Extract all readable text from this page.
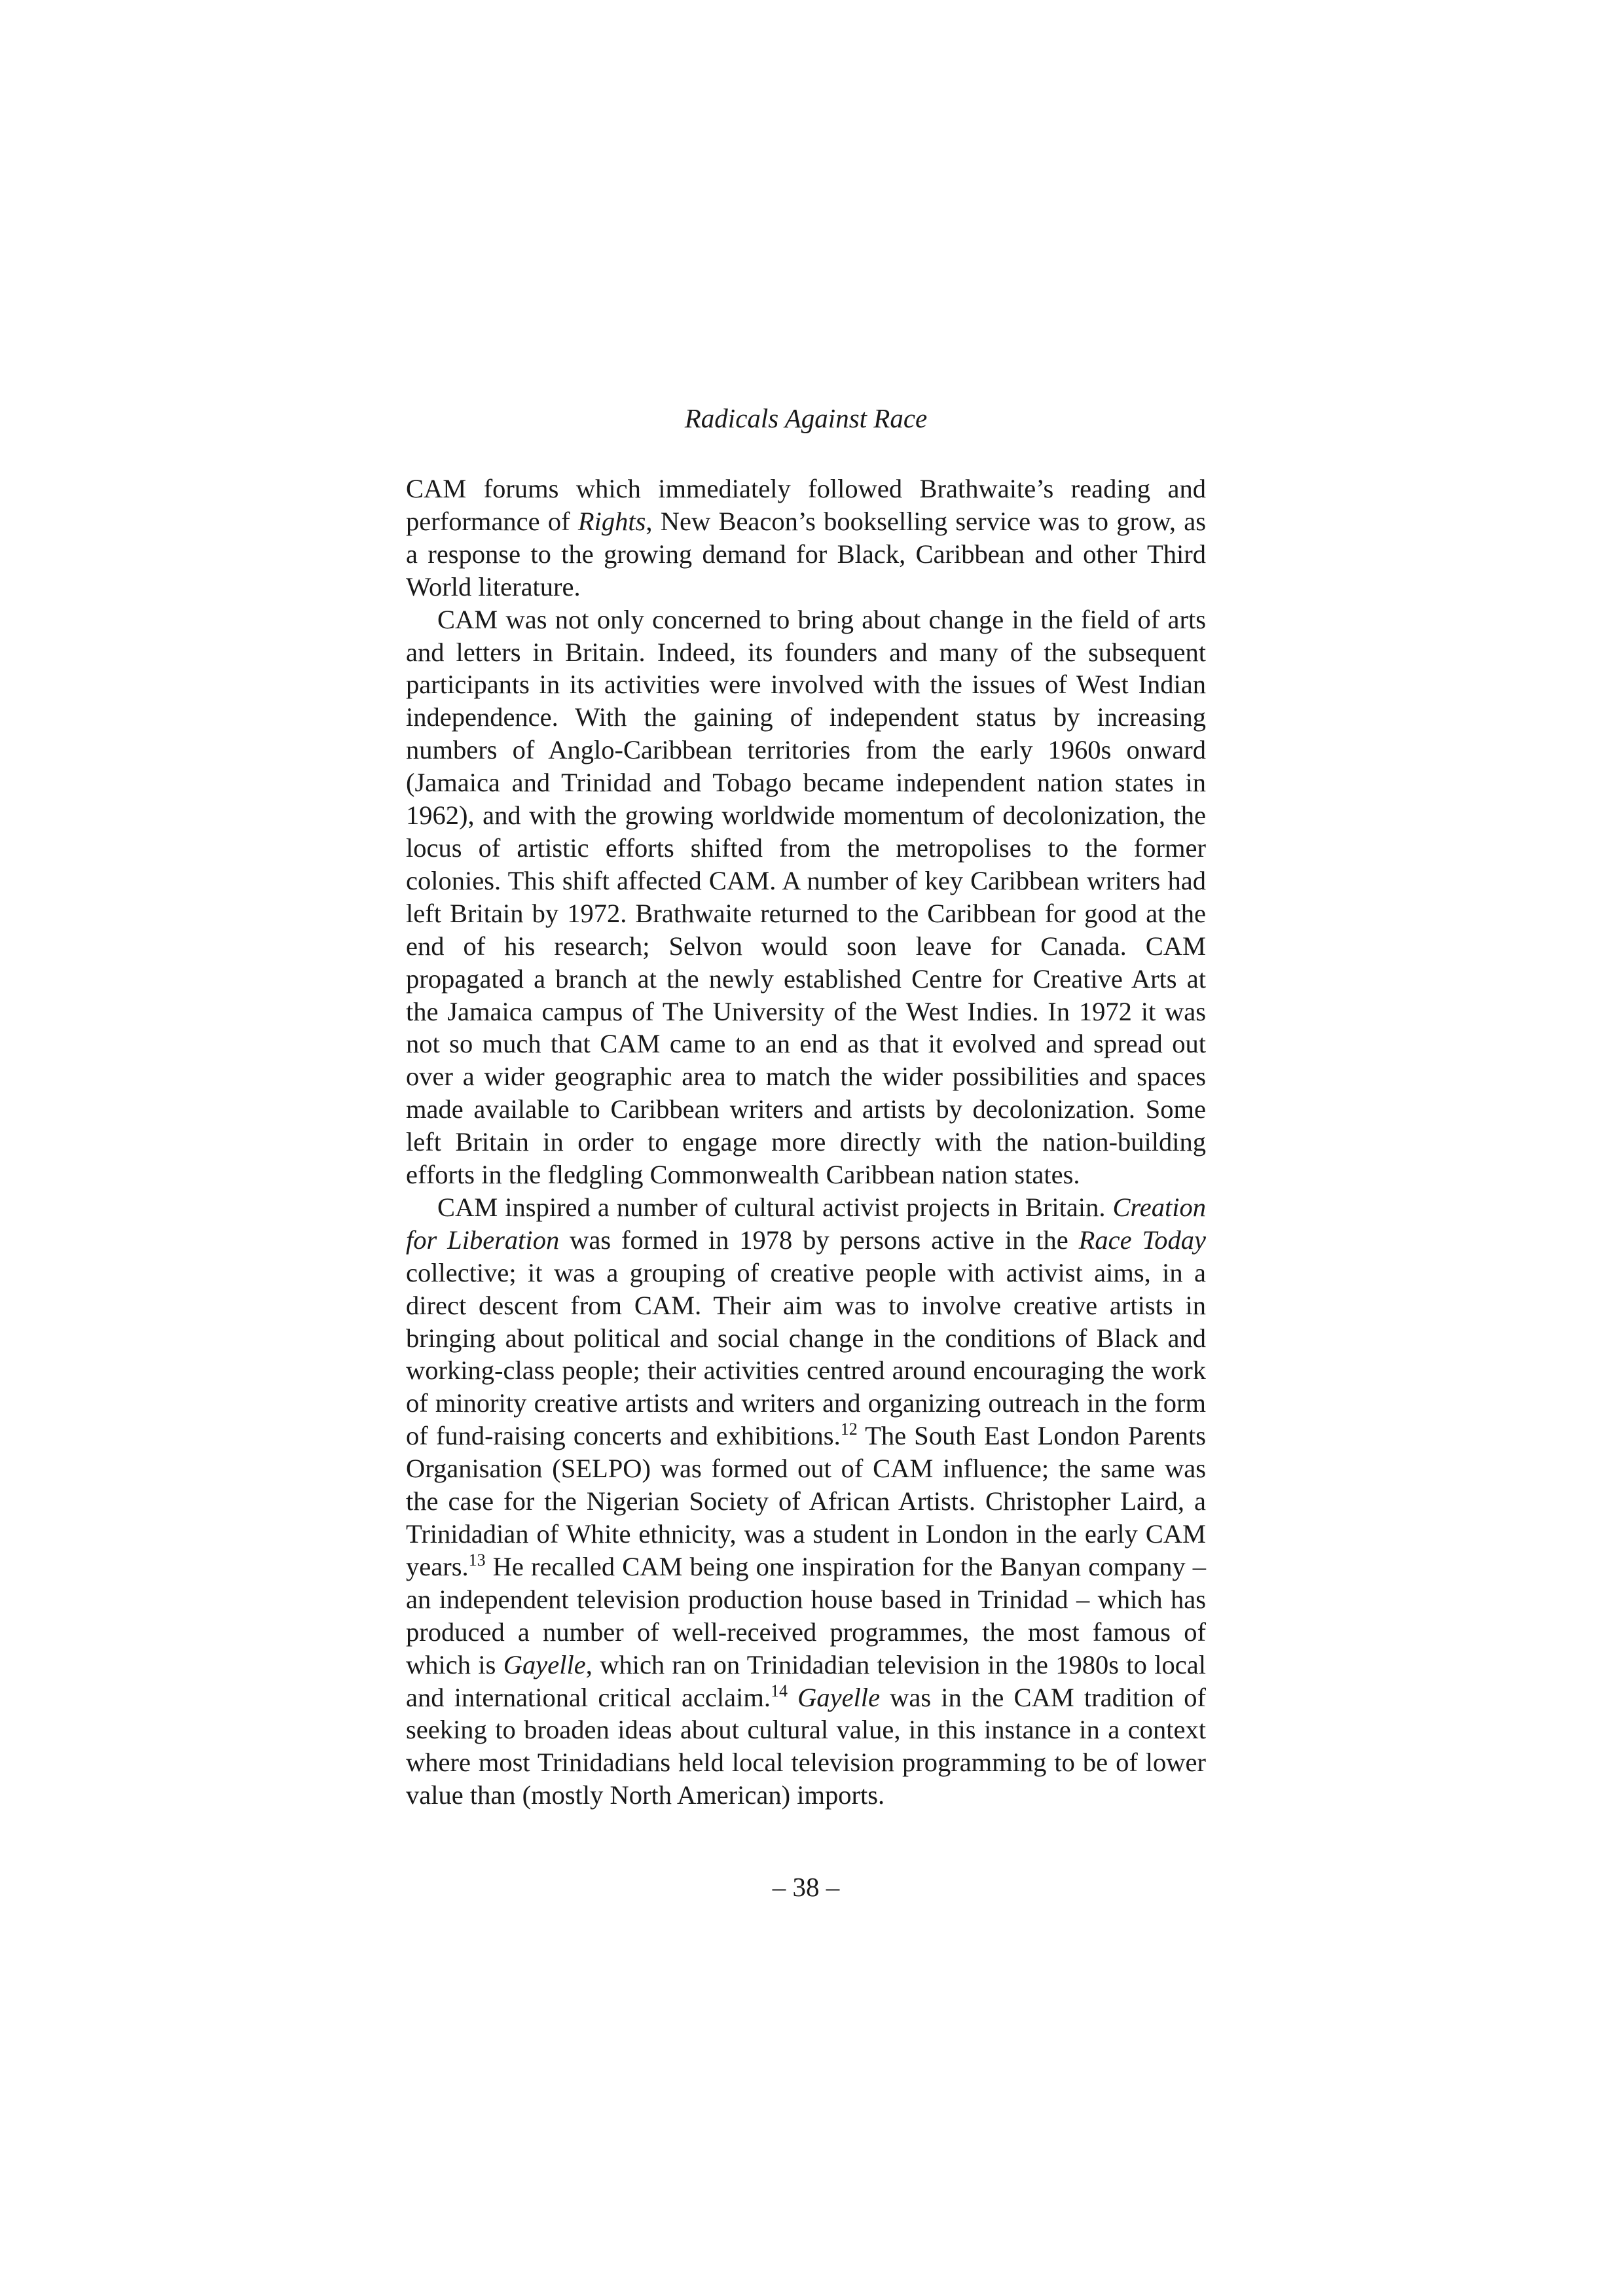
Radicals Against Race

CAM forums which immediately followed Brathwaite’s reading and performance of Rights, New Beacon’s bookselling service was to grow, as a response to the growing demand for Black, Caribbean and other Third World literature.

CAM was not only concerned to bring about change in the field of arts and letters in Britain. Indeed, its founders and many of the subsequent participants in its activities were involved with the issues of West Indian independence. With the gaining of independent status by increasing numbers of Anglo-Caribbean territories from the early 1960s onward (Jamaica and Trinidad and Tobago became independent nation states in 1962), and with the growing worldwide momentum of decolonization, the locus of artistic efforts shifted from the metropolises to the former colonies. This shift affected CAM. A number of key Caribbean writers had left Britain by 1972. Brathwaite returned to the Caribbean for good at the end of his research; Selvon would soon leave for Canada. CAM propagated a branch at the newly established Centre for Creative Arts at the Jamaica campus of The University of the West Indies. In 1972 it was not so much that CAM came to an end as that it evolved and spread out over a wider geographic area to match the wider possibilities and spaces made available to Caribbean writers and artists by decolonization. Some left Britain in order to engage more directly with the nation-building efforts in the fledgling Commonwealth Caribbean nation states.

CAM inspired a number of cultural activist projects in Britain. Creation for Liberation was formed in 1978 by persons active in the Race Today collective; it was a grouping of creative people with activist aims, in a direct descent from CAM. Their aim was to involve creative artists in bringing about political and social change in the conditions of Black and working-class people; their activities centred around encouraging the work of minority creative artists and writers and organizing outreach in the form of fund-raising concerts and exhibitions.$^{12}$ The South East London Parents Organisation (SELPO) was formed out of CAM influence; the same was the case for the Nigerian Society of African Artists. Christopher Laird, a Trinidadian of White ethnicity, was a student in London in the early CAM years.$^{13}$ He recalled CAM being one inspiration for the Banyan company – an independent television production house based in Trinidad – which has produced a number of well-received programmes, the most famous of which is Gayelle, which ran on Trinidadian television in the 1980s to local and international critical acclaim.$^{14}$ Gayelle was in the CAM tradition of seeking to broaden ideas about cultural value, in this instance in a context where most Trinidadians held local television programming to be of lower value than (mostly North American) imports.

– 38 –
